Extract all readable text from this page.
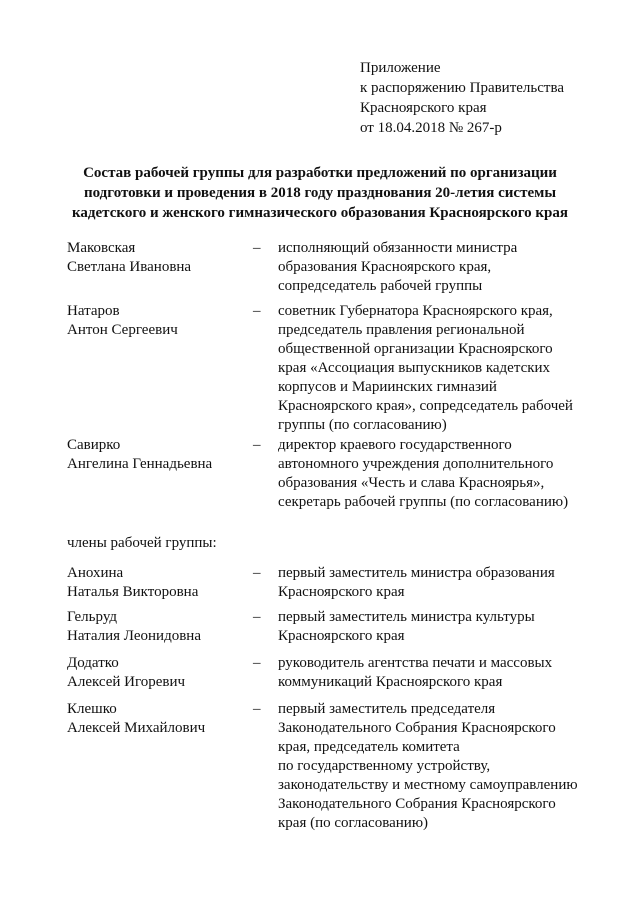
Приложение
к распоряжению Правительства
Красноярского края
от 18.04.2018 № 267-р
Состав рабочей группы для разработки предложений по организации
подготовки и проведения в 2018 году празднования 20-летия системы
кадетского и женского гимназического образования Красноярского края
Маковская
Светлана Ивановна
– исполняющий обязанности министра
образования Красноярского края,
сопредседатель рабочей группы
Натаров
Антон Сергеевич
– советник Губернатора Красноярского края,
председатель правления региональной
общественной организации Красноярского
края «Ассоциация выпускников кадетских
корпусов и Мариинских гимназий
Красноярского края», сопредседатель рабочей
группы (по согласованию)
Савирко
Ангелина Геннадьевна
– директор краевого государственного
автономного учреждения дополнительного
образования «Честь и слава Красноярья»,
секретарь рабочей группы (по согласованию)
члены рабочей группы:
Анохина
Наталья Викторовна
– первый заместитель министра образования
Красноярского края
Гельруд
Наталия Леонидовна
– первый заместитель министра культуры
Красноярского края
Додатко
Алексей Игоревич
– руководитель агентства печати и массовых
коммуникаций Красноярского края
Клешко
Алексей Михайлович
– первый заместитель председателя
Законодательного Собрания Красноярского
края, председатель комитета
по государственному устройству,
законодательству и местному самоуправлению
Законодательного Собрания Красноярского
края (по согласованию)
